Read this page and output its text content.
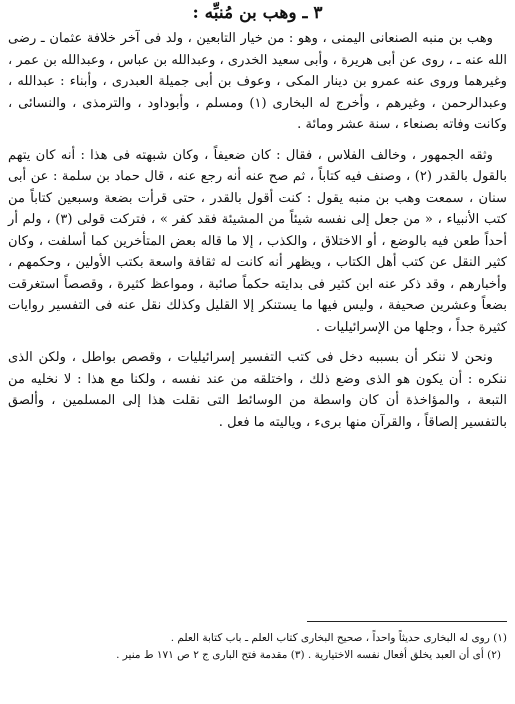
٣ ـ وهب بن مُنبِّه :

وهب بن منبه الصنعانى اليمنى ، وهو : من خيار التابعين ، ولد فى آخر خلافة عثمان ـ رضى الله عنه ـ ، روى عن أبى هريرة ، وأبى سعيد الخدرى ، وعبدالله بن عباس ، وعبدالله بن عمر ، وغيرهما وروى عنه عمرو بن دينار المكى ، وعوف بن أبى جميلة العبدرى ، وأبناء : عبدالله ، وعبدالرحمن ، وغيرهم ، وأخرج له البخارى (١) ومسلم ، وأبوداود ، والترمذى ، والنسائى ، وكانت وفاته بصنعاء ، سنة عشر ومائة .

وثقه الجمهور ، وخالف الفلاس ، فقال : كان ضعيفاً ، وكان شبهته فى هذا : أنه كان يتهم بالقول بالقدر (٢) ، وصنف فيه كتاباً ، ثم صح عنه أنه رجع عنه ، قال حماد بن سلمة : عن أبى سنان ، سمعت وهب بن منبه يقول : كنت أقول بالقدر ، حتى قرأت بضعة وسبعين كتاباً من كتب الأنبياء ، « من جعل إلى نفسه شيئاً من المشيئة فقد كفر » ، فتركت قولى (٣) ، ولم أر أحداً طعن فيه بالوضع ، أو الاختلاق ، والكذب ، إلا ما قاله بعض المتأخرين كما أسلفت ، وكان كثير النقل عن كتب أهل الكتاب ، ويظهر أنه كانت له ثقافة واسعة بكتب الأولين ، وحكمهم ، وأخبارهم ، وقد ذكر عنه ابن كثير فى بدايته حكماً صائبة ، ومواعظ كثيرة ، وقصصاً استغرقت بضعاً وعشرين صحيفة ، وليس فيها ما يستنكر إلا القليل وكذلك نقل عنه فى التفسير روايات كثيرة جداً ، وجلها من الإسرائيليات .

ونحن لا ننكر أن بسببه دخل فى كتب التفسير إسرائيليات ، وقصص بواطل ، ولكن الذى ننكره : أن يكون هو الذى وضع ذلك ، واختلقه من عند نفسه ، ولكنا مع هذا : لا نخليه من التبعة ، والمؤاخذة أن كان واسطة من الوسائط التى نقلت هذا إلى المسلمين ، وألصق بالتفسير إلصاقاً ، والقرآن منها برىء ، وياليته ما فعل .

(١) روى له البخارى حديثاً واحداً ، صحيح البخارى كتاب العلم ـ باب كتابة العلم .

(٢) أى أن العبد يخلق أفعال نفسه الاختيارية . (٣) مقدمة فتح البارى ج ٢ ص ١٧١ ط منير .
